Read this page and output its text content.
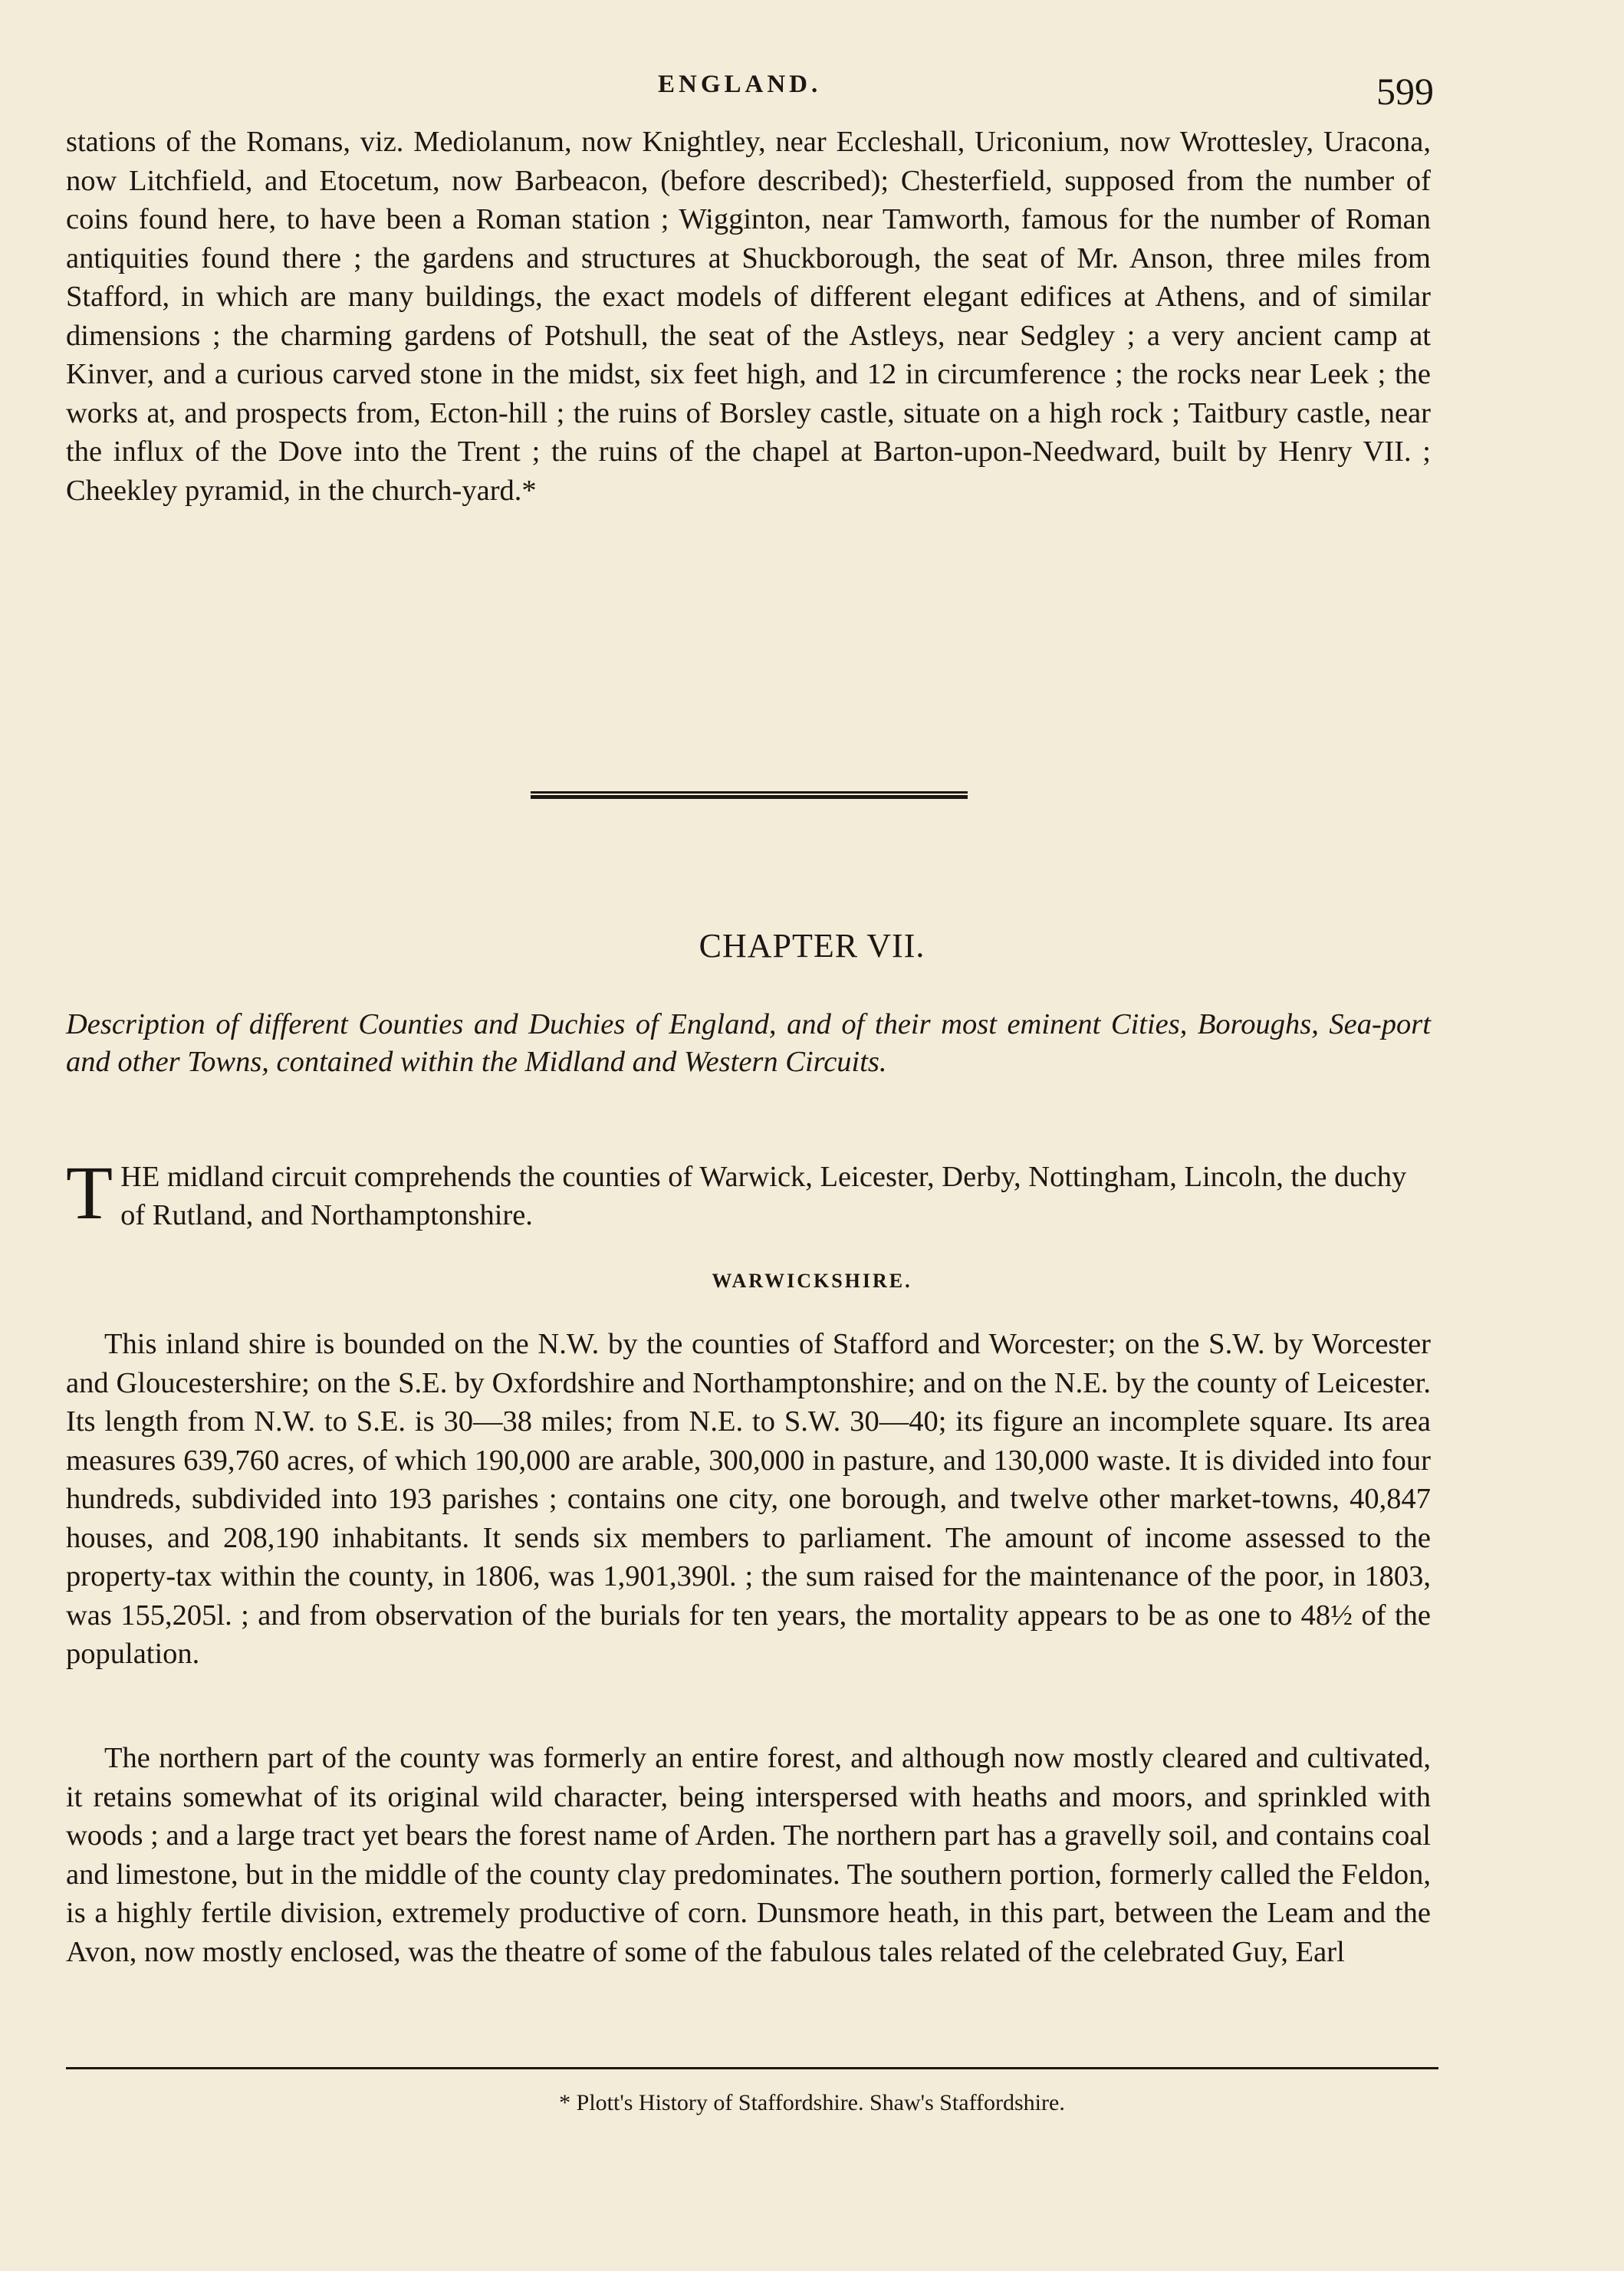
ENGLAND.	599

stations of the Romans, viz. Mediolanum, now Knightley, near Eccleshall, Uriconium, now Wrottesley, Uracona, now Litchfield, and Etocetum, now Barbeacon, (before described); Chesterfield, supposed from the number of coins found here, to have been a Roman station ; Wigginton, near Tamworth, famous for the number of Roman antiquities found there ; the gardens and structures at Shuckborough, the seat of Mr. Anson, three miles from Stafford, in which are many buildings, the exact models of different elegant edifices at Athens, and of similar dimensions ; the charming gardens of Potshull, the seat of the Astleys, near Sedgley ; a very ancient camp at Kinver, and a curious carved stone in the midst, six feet high, and 12 in circumference ; the rocks near Leek ; the works at, and prospects from, Ecton-hill ; the ruins of Borsley castle, situate on a high rock ; Taitbury castle, near the influx of the Dove into the Trent ; the ruins of the chapel at Barton-upon-Needward, built by Henry VII. ; Cheekley pyramid, in the church-yard.*

CHAPTER VII.

Description of different Counties and Duchies of England, and of their most eminent Cities, Boroughs, Sea-port and other Towns, contained within the Midland and Western Circuits.

THE midland circuit comprehends the counties of Warwick, Leicester, Derby, Nottingham, Lincoln, the duchy of Rutland, and Northamptonshire.

WARWICKSHIRE.

This inland shire is bounded on the N.W. by the counties of Stafford and Worcester; on the S.W. by Worcester and Gloucestershire; on the S.E. by Oxfordshire and Northamptonshire; and on the N.E. by the county of Leicester. Its length from N.W. to S.E. is 30—38 miles; from N.E. to S.W. 30—40; its figure an incomplete square. Its area measures 639,760 acres, of which 190,000 are arable, 300,000 in pasture, and 130,000 waste. It is divided into four hundreds, subdivided into 193 parishes ; contains one city, one borough, and twelve other market-towns, 40,847 houses, and 208,190 inhabitants. It sends six members to parliament. The amount of income assessed to the property-tax within the county, in 1806, was 1,901,390l. ; the sum raised for the maintenance of the poor, in 1803, was 155,205l. ; and from observation of the burials for ten years, the mortality appears to be as one to 48½ of the population.

The northern part of the county was formerly an entire forest, and although now mostly cleared and cultivated, it retains somewhat of its original wild character, being interspersed with heaths and moors, and sprinkled with woods ; and a large tract yet bears the forest name of Arden. The northern part has a gravelly soil, and contains coal and limestone, but in the middle of the county clay predominates. The southern portion, formerly called the Feldon, is a highly fertile division, extremely productive of corn. Dunsmore heath, in this part, between the Leam and the Avon, now mostly enclosed, was the theatre of some of the fabulous tales related of the celebrated Guy, Earl

* Plott's History of Staffordshire. Shaw's Staffordshire.
